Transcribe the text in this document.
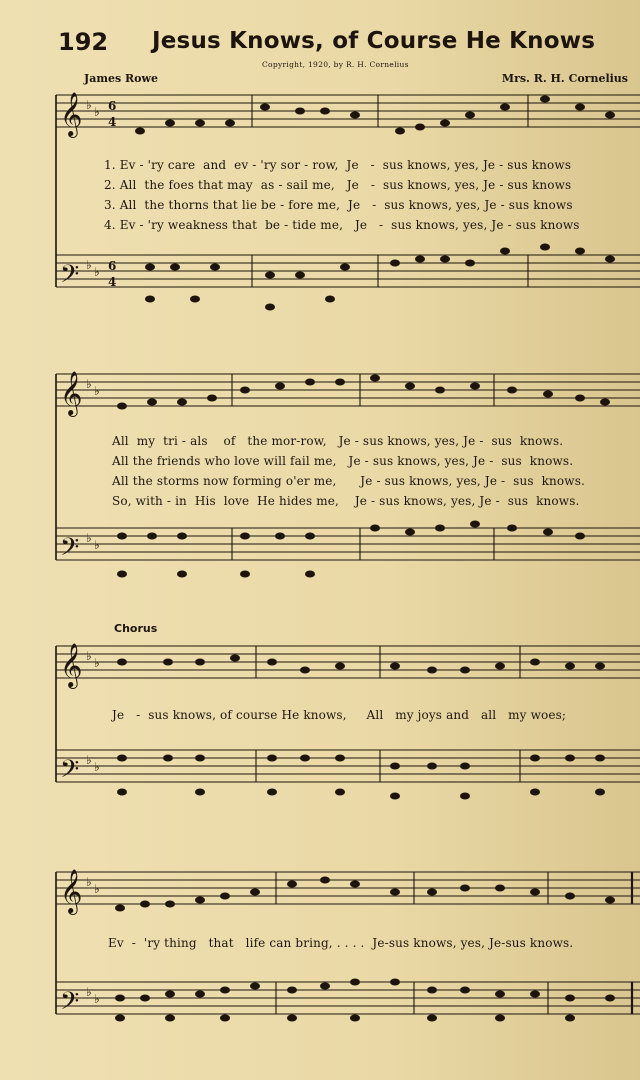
192 Jesus Knows, of Course He Knows
Copyright, 1920, by R. H. Cornelius
James Rowe	Mrs. R. H. Cornelius
𝄞 ♭ ♭ 6
4
𝄢 ♭ ♭ 6
4
1. Ev - 'ry care  and  ev - 'ry sor - row,  Je   -  sus knows, yes, Je - sus knows
2. All  the foes that may  as - sail me,   Je   -  sus knows, yes, Je - sus knows
3. All  the thorns that lie be - fore me,  Je   -  sus knows, yes, Je - sus knows
4. Ev - 'ry weakness that  be - tide me,   Je   -  sus knows, yes, Je - sus knows
𝄞 ♭ ♭
𝄢 ♭ ♭
All  my  tri - als    of   the mor-row,   Je - sus knows, yes, Je -  sus  knows.
All the friends who love will fail me,   Je - sus knows, yes, Je -  sus  knows.
All the storms now forming o'er me,      Je - sus knows, yes, Je -  sus  knows.
So, with - in  His  love  He hides me,    Je - sus knows, yes, Je -  sus  knows.
Chorus
𝄞 ♭ ♭
𝄢 ♭ ♭
Je   -  sus knows, of course He knows,     All   my joys and   all   my woes;
𝄞 ♭ ♭
𝄢 ♭ ♭
Ev  -  'ry thing   that   life can bring, . . . .  Je-sus knows, yes, Je-sus knows.
